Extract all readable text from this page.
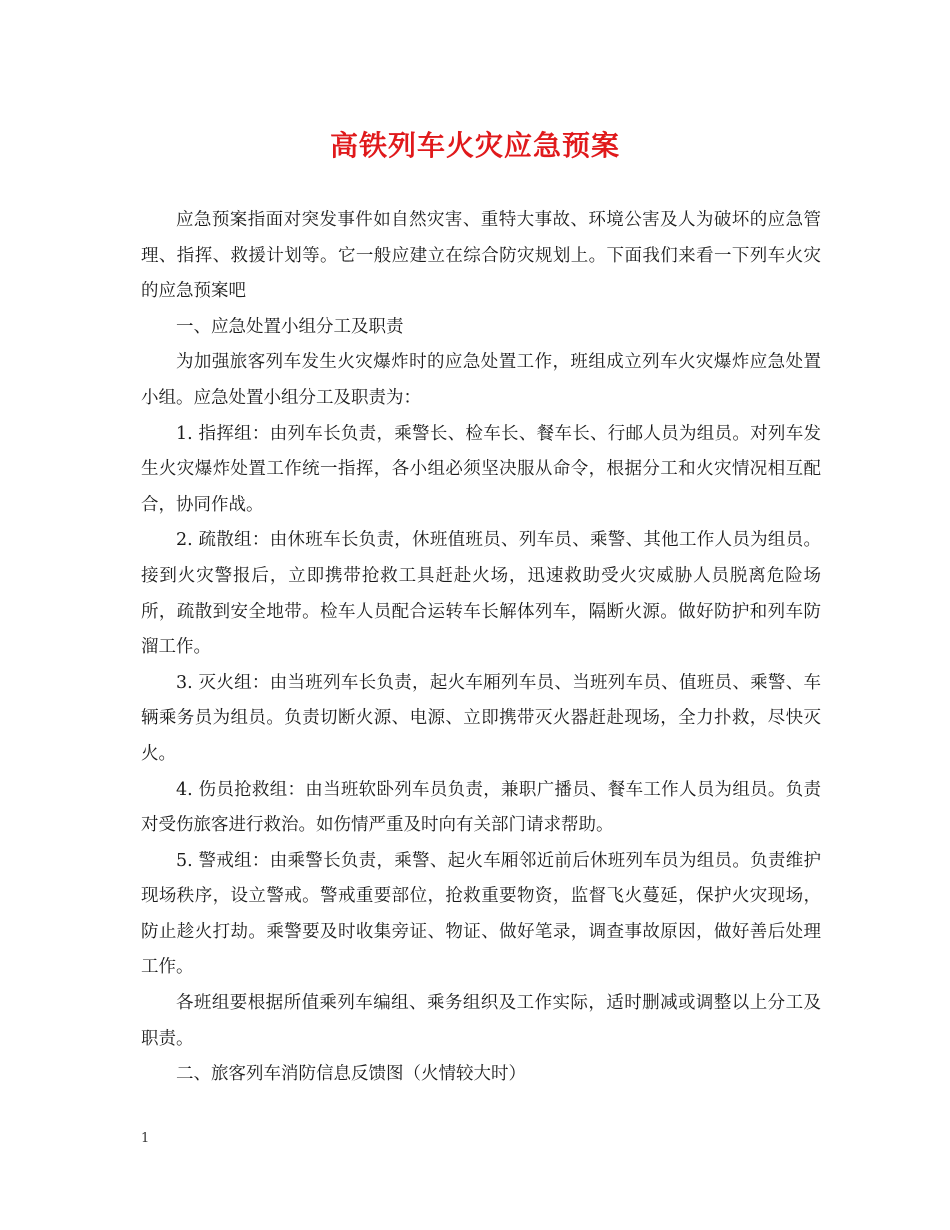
高铁列车火灾应急预案

应急预案指面对突发事件如自然灾害、重特大事故、环境公害及人为破坏的应急管理、指挥、救援计划等。它一般应建立在综合防灾规划上。下面我们来看一下列车火灾的应急预案吧

一、应急处置小组分工及职责

为加强旅客列车发生火灾爆炸时的应急处置工作，班组成立列车火灾爆炸应急处置小组。应急处置小组分工及职责为：

1. 指挥组：由列车长负责，乘警长、检车长、餐车长、行邮人员为组员。对列车发生火灾爆炸处置工作统一指挥，各小组必须坚决服从命令，根据分工和火灾情况相互配合，协同作战。

2. 疏散组：由休班车长负责，休班值班员、列车员、乘警、其他工作人员为组员。接到火灾警报后，立即携带抢救工具赶赴火场，迅速救助受火灾威胁人员脱离危险场所，疏散到安全地带。检车人员配合运转车长解体列车，隔断火源。做好防护和列车防溜工作。

3. 灭火组：由当班列车长负责，起火车厢列车员、当班列车员、值班员、乘警、车辆乘务员为组员。负责切断火源、电源、立即携带灭火器赶赴现场，全力扑救，尽快灭火。

4. 伤员抢救组：由当班软卧列车员负责，兼职广播员、餐车工作人员为组员。负责对受伤旅客进行救治。如伤情严重及时向有关部门请求帮助。

5. 警戒组：由乘警长负责，乘警、起火车厢邻近前后休班列车员为组员。负责维护现场秩序，设立警戒。警戒重要部位，抢救重要物资，监督飞火蔓延，保护火灾现场，防止趁火打劫。乘警要及时收集旁证、物证、做好笔录，调查事故原因，做好善后处理工作。

各班组要根据所值乘列车编组、乘务组织及工作实际，适时删减或调整以上分工及职责。

二、旅客列车消防信息反馈图（火情较大时）

1
